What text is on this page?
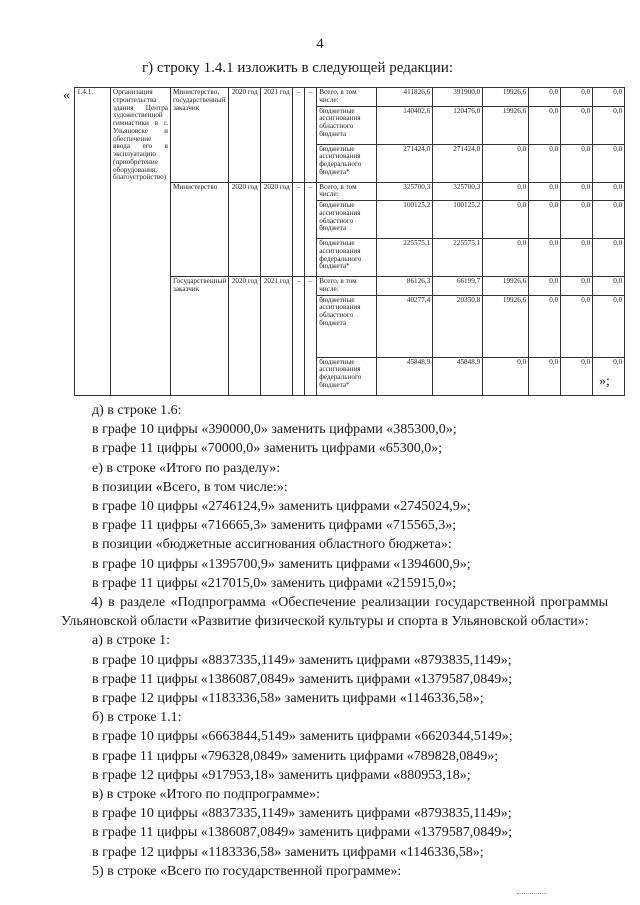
4
г) строку 1.4.1 изложить в следующей редакции:
« 1.4.1.	Организация строительства здания Центра художественной гимнастики в г. Ульяновске и обеспечение ввода его в эксплуатацию (приобретение оборудования, благоустройство)	Министерство, государственный заказчик	2020 год	2021 год	–	–	Всего, в том числе:	411826,6	391900,0	19926,6	0,0	0,0	0,0
							бюджетные ассигнования областного бюджета	140402,6	120476,0	19926,6	0,0	0,0	0,0
							бюджетные ассигнования федерального бюджета*	271424,0	271424,0	0,0	0,0	0,0	0,0
		Министерство	2020 год	2020 год	–	–	Всего, в том числе:	325700,3	325700,3	0,0	0,0	0,0	0,0
							бюджетные ассигнования областного бюджета	100125,2	100125,2	0,0	0,0	0,0	0,0
							бюджетные ассигнования федерального бюджета*	225575,1	225575,1	0,0	0,0	0,0	0,0
		Государственный заказчик	2020 год	2021 год	–	–	Всего, в том числе:	86126,3	66199,7	19926,6	0,0	0,0	0,0
							бюджетные ассигнования областного бюджета	40277,4	20350,8	19926,6	0,0	0,0	0,0
							бюджетные ассигнования федерального бюджета*	45848,9	45848,9	0,0	0,0	0,0	0,0
»;
д) в строке 1.6:
в графе 10 цифры «390000,0» заменить цифрами «385300,0»;
в графе 11 цифры «70000,0» заменить цифрами «65300,0»;
е) в строке «Итого по разделу»:
в позиции «Всего, в том числе:»:
в графе 10 цифры «2746124,9» заменить цифрами «2745024,9»;
в графе 11 цифры «716665,3» заменить цифрами «715565,3»;
в позиции «бюджетные ассигнования областного бюджета»:
в графе 10 цифры «1395700,9» заменить цифрами «1394600,9»;
в графе 11 цифры «217015,0» заменить цифрами «215915,0»;
4) в разделе «Подпрограмма «Обеспечение реализации государственной программы Ульяновской области «Развитие физической культуры и спорта в Ульяновской области»:
а) в строке 1:
в графе 10 цифры «8837335,1149» заменить цифрами «8793835,1149»;
в графе 11 цифры «1386087,0849» заменить цифрами «1379587,0849»;
в графе 12 цифры «1183336,58» заменить цифрами «1146336,58»;
б) в строке 1.1:
в графе 10 цифры «6663844,5149» заменить цифрами «6620344,5149»;
в графе 11 цифры «796328,0849» заменить цифрами «789828,0849»;
в графе 12 цифры «917953,18» заменить цифрами «880953,18»;
в) в строке «Итого по подпрограмме»:
в графе 10 цифры «8837335,1149» заменить цифрами «8793835,1149»;
в графе 11 цифры «1386087,0849» заменить цифрами «1379587,0849»;
в графе 12 цифры «1183336,58» заменить цифрами «1146336,58»;
5) в строке «Всего по государственной программе»:
